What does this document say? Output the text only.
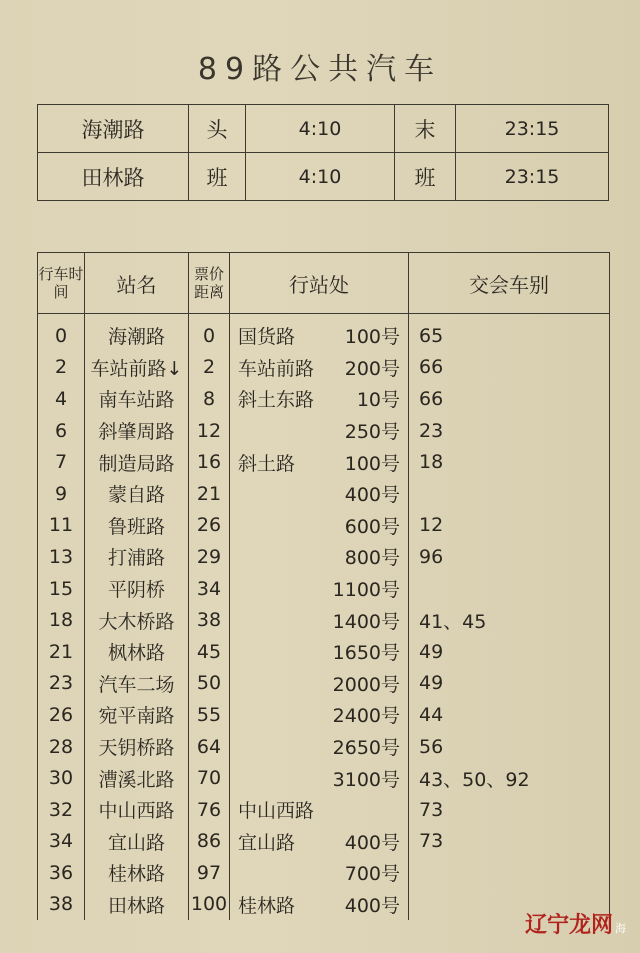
89路公共汽车
海潮路	头	4:10	末	23:15
田林路	班	4:10	班	23:15
行车时间	站名	票价距离	行站处	交会车别
0	海潮路	0	国货路 100号	65
2	车站前路↓	2	车站前路 200号	66
4	南车站路	8	斜土东路 10号	66
6	斜肇周路	12	250号	23
7	制造局路	16	斜土路 100号	18
9	蒙自路	21	400号	

11	鲁班路	26	600号	12
13	打浦路	29	800号	96
15	平阴桥	34	1100号	

18	大木桥路	38	1400号	41、45
21	枫林路	45	1650号	49
23	汽车二场	50	2000号	49
26	宛平南路	55	2400号	44
28	天钥桥路	64	2650号	56
30	漕溪北路	70	3100号	43、50、92
32	中山西路	76	中山西路	73
34	宜山路	86	宜山路 400号	73
36	桂林路	97	700号	

38	田林路	100	桂林路 400号	

辽宁龙网 海
